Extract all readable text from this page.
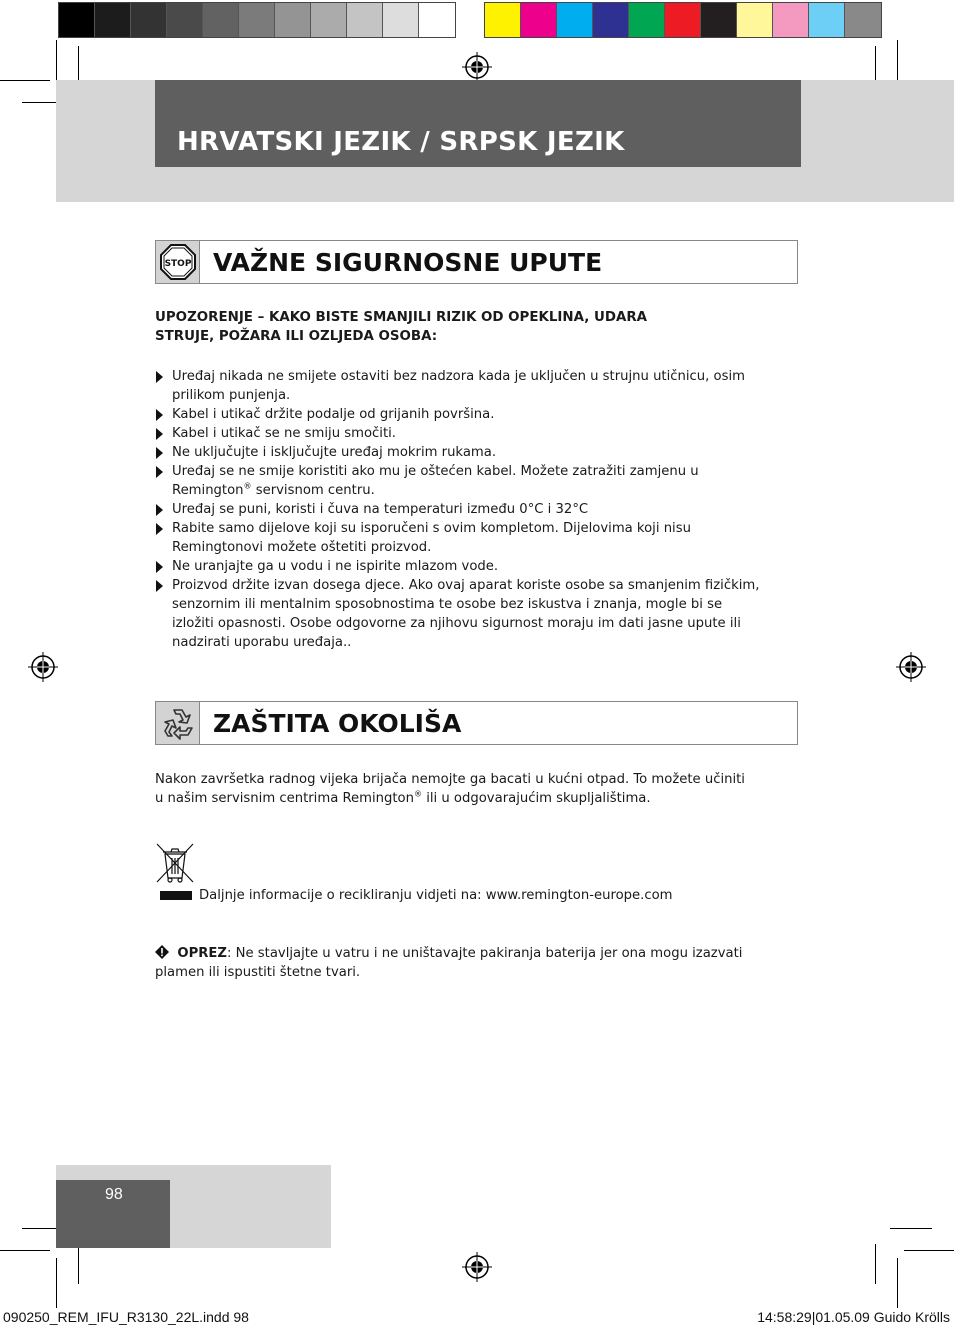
HRVATSKI JEZIK / SRPSK JEZIK
STOP VAŽNE SIGURNOSNE UPUTE
UPOZORENJE – KAKO BISTE SMANJILI RIZIK OD OPEKLINA, UDARA
STRUJE, POŽARA ILI OZLJEDA OSOBA:
Uređaj nikada ne smijete ostaviti bez nadzora kada je uključen u strujnu utičnicu, osim prilikom punjenja.
Kabel i utikač držite podalje od grijanih površina.
Kabel i utikač se ne smiju smočiti.
Ne uključujte i isključujte uređaj mokrim rukama.
Uređaj se ne smije koristiti ako mu je oštećen kabel. Možete zatražiti zamjenu u
Remington® servisnom centru.
Uređaj se puni, koristi i čuva na temperaturi između 0°C i 32°C
Rabite samo dijelove koji su isporučeni s ovim kompletom. Dijelovima koji nisu Remingtonovi možete oštetiti proizvod.
Ne uranjajte ga u vodu i ne ispirite mlazom vode.
Proizvod držite izvan dosega djece. Ako ovaj aparat koriste osobe sa smanjenim fizičkim, senzornim ili mentalnim sposobnostima te osobe bez iskustva i znanja, mogle bi se izložiti opasnosti. Osobe odgovorne za njihovu sigurnost moraju im dati jasne upute ili nadzirati uporabu uređaja..
ZAŠTITA OKOLIŠA
Nakon završetka radnog vijeka brijača nemojte ga bacati u kućni otpad. To možete učiniti u našim servisnim centrima Remington® ili u odgovarajućim skupljalištima.
Daljnje informacije o recikliranju vidjeti na: www.remington-europe.com
OPREZ: Ne stavljajte u vatru i ne uništavajte pakiranja baterija jer ona mogu izazvati plamen ili ispustiti štetne tvari.
98
090250_REM_IFU_R3130_22L.indd 98	14:58:29|01.05.09 Guido Krölls
